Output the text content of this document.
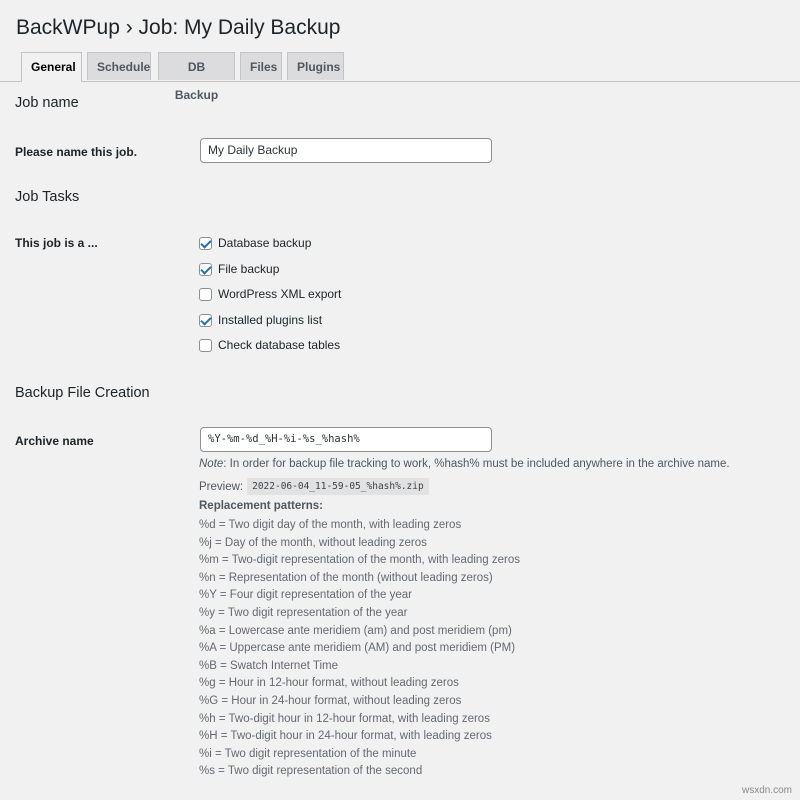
BackWPup › Job: My Daily Backup
General	Schedule	DB Backup
Files	Plugins
Job name
Please name this job.	My Daily Backup
Job Tasks
This job is a ...	Database backup
File backup
WordPress XML export
Installed plugins list
Check database tables
Backup File Creation
Archive name	%Y-%m-%d_%H-%i-%s_%hash%
Note: In order for backup file tracking to work, %hash% must be included anywhere in the archive name.
Preview: 2022-06-04_11-59-05_%hash%.zip
Replacement patterns:
%d = Two digit day of the month, with leading zeros
%j = Day of the month, without leading zeros
%m = Two-digit representation of the month, with leading zeros
%n = Representation of the month (without leading zeros)
%Y = Four digit representation of the year
%y = Two digit representation of the year
%a = Lowercase ante meridiem (am) and post meridiem (pm)
%A = Uppercase ante meridiem (AM) and post meridiem (PM)
%B = Swatch Internet Time
%g = Hour in 12-hour format, without leading zeros
%G = Hour in 24-hour format, without leading zeros
%h = Two-digit hour in 12-hour format, with leading zeros
%H = Two-digit hour in 24-hour format, with leading zeros
%i = Two digit representation of the minute
%s = Two digit representation of the second
wsxdn.com
